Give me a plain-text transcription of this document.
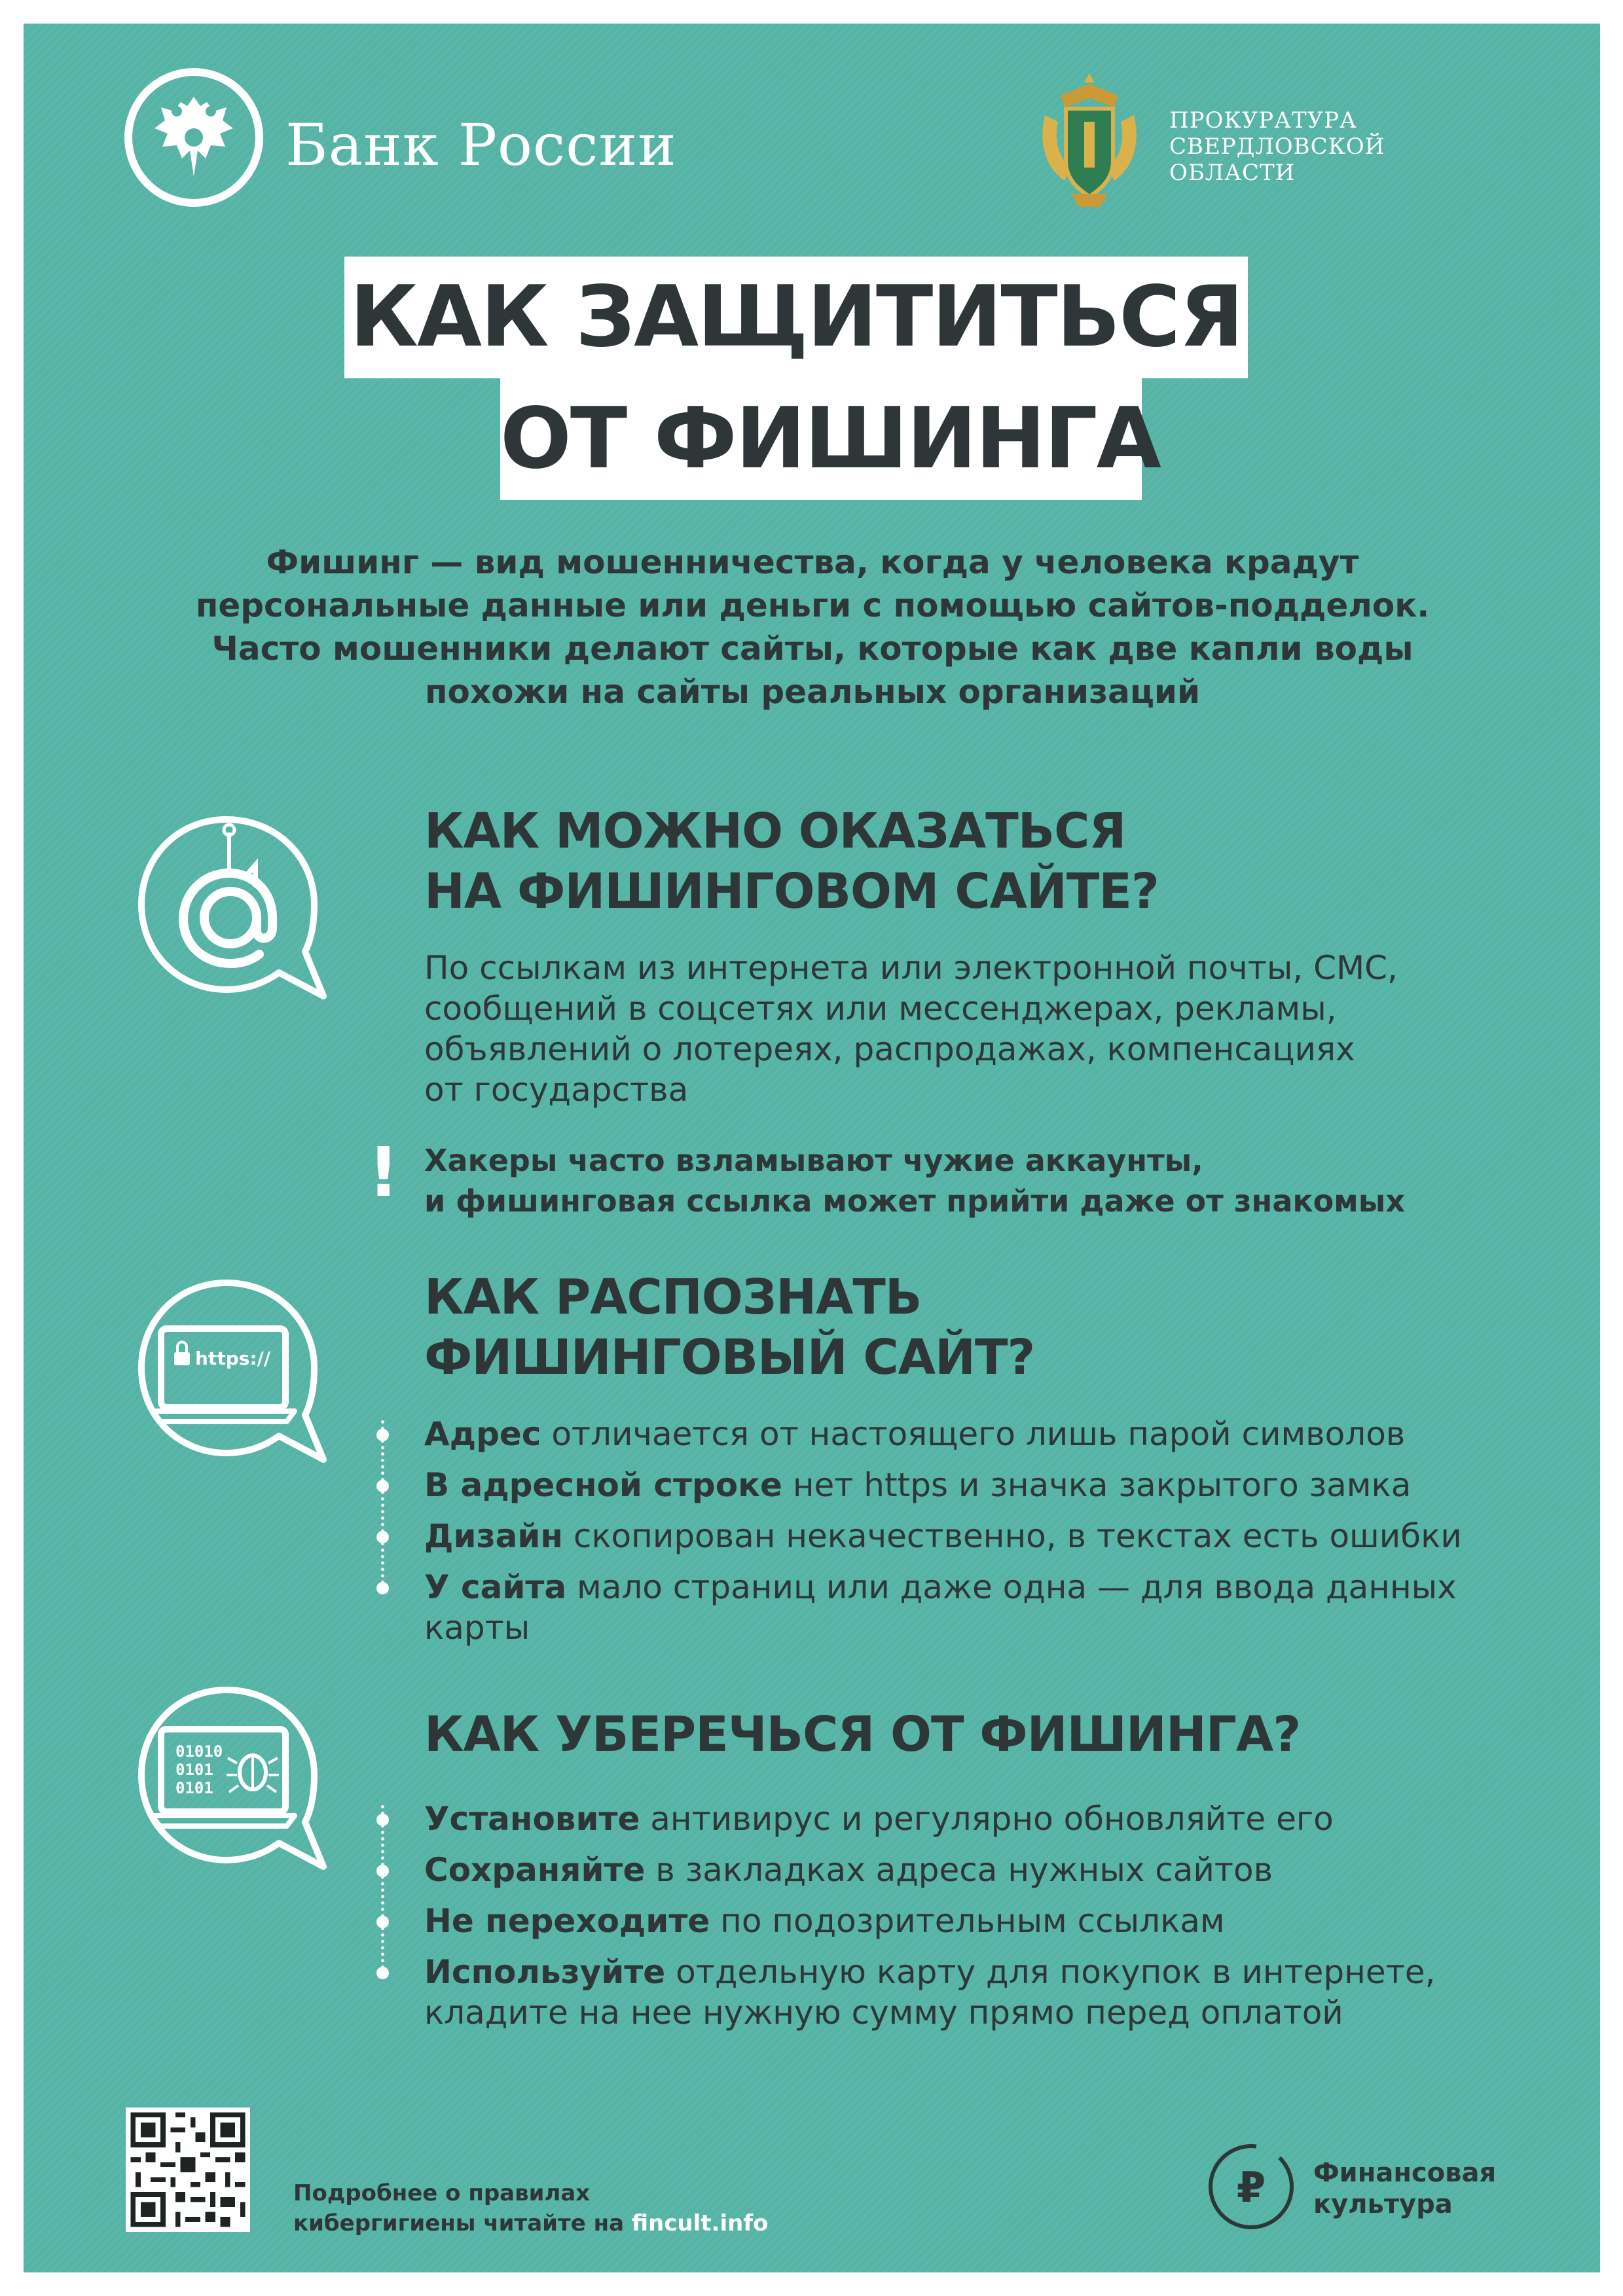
Банк России	ПРОКУРАТУРА
СВЕРДЛОВСКОЙ
ОБЛАСТИ
КАК ЗАЩИТИТЬСЯ
ОТ ФИШИНГА
Фишинг — вид мошенничества, когда у человека крадут
персональные данные или деньги с помощью сайтов-подделок.
Часто мошенники делают сайты, которые как две капли воды
похожи на сайты реальных организаций
КАК МОЖНО ОКАЗАТЬСЯ
НА ФИШИНГОВОМ САЙТЕ?
По ссылкам из интернета или электронной почты, СМС,
сообщений в соцсетях или мессенджерах, рекламы,
объявлений о лотереях, распродажах, компенсациях
от государства
! Хакеры часто взламывают чужие аккаунты,
и фишинговая ссылка может прийти даже от знакомых
https://
КАК РАСПОЗНАТЬ
ФИШИНГОВЫЙ САЙТ?
Адрес отличается от настоящего лишь парой символов
В адресной строке нет https и значка закрытого замка
Дизайн скопирован некачественно, в текстах есть ошибки
У сайта мало страниц или даже одна — для ввода данных
карты
01010
0101
0101
КАК УБЕРЕЧЬСЯ ОТ ФИШИНГА?
Установите антивирус и регулярно обновляйте его
Сохраняйте в закладках адреса нужных сайтов
Не переходите по подозрительным ссылкам
Используйте отдельную карту для покупок в интернете,
кладите на нее нужную сумму прямо перед оплатой
Подробнее о правилах
кибергигиены читайте на fincult.info
₽ Финансовая
культура
